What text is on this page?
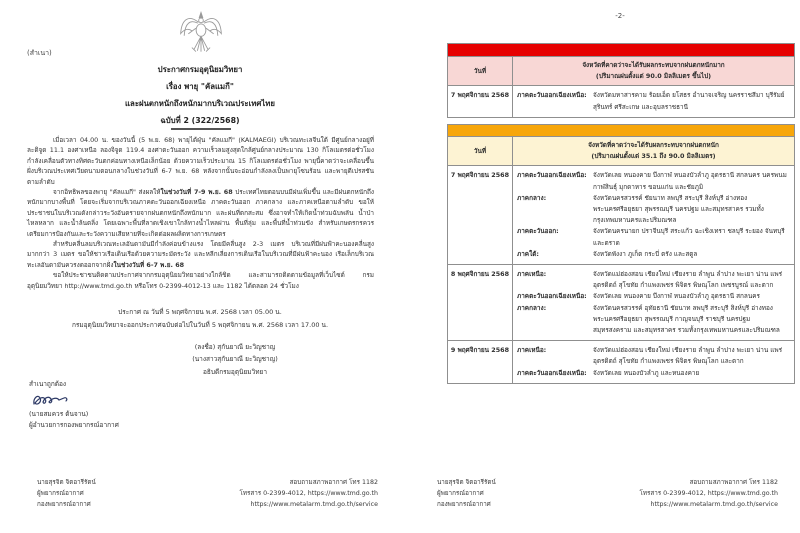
(สำเนา)
ประกาศกรมอุตุนิยมวิทยา
เรื่อง พายุ "คัลแมกี"
และฝนตกหนักถึงหนักมากบริเวณประเทศไทย
ฉบับที่ 2 (322/2568)

เมื่อเวลา 04.00 น. ของวันนี้ (5 พ.ย. 68) พายุไต้ฝุ่น "คัลแมกี" (KALMAEGI) บริเวณทะเลจีนใต้ มีศูนย์กลางอยู่ที่ละติจูด 11.1 องศาเหนือ ลองจิจูด 119.4 องศาตะวันออก ความเร็วลมสูงสุดใกล้ศูนย์กลางประมาณ 130 กิโลเมตรต่อชั่วโมง กำลังเคลื่อนตัวทางทิศตะวันตกค่อนทางเหนือเล็กน้อย ด้วยความเร็วประมาณ 15 กิโลเมตรต่อชั่วโมง พายุนี้คาดว่าจะเคลื่อนขึ้นฝั่งบริเวณประเทศเวียดนามตอนกลางในช่วงวันที่ 6-7 พ.ย. 68 หลังจากนั้นจะอ่อนกำลังลงเป็นพายุโซนร้อน และพายุดีเปรสชันตามลำดับ

จากอิทธิพลของพายุ "คัลแมกี" ส่งผลให้ในช่วงวันที่ 7-9 พ.ย. 68 ประเทศไทยตอนบนมีฝนเพิ่มขึ้น และมีฝนตกหนักถึงหนักมากบางพื้นที่ โดยจะเริ่มจากบริเวณภาคตะวันออกเฉียงเหนือ ภาคตะวันออก ภาคกลาง และภาคเหนือตามลำดับ ขอให้ประชาชนในบริเวณดังกล่าวระวังอันตรายจากฝนตกหนักถึงหนักมาก และฝนที่ตกสะสม ซึ่งอาจทำให้เกิดน้ำท่วมฉับพลัน น้ำป่าไหลหลาก และน้ำล้นตลิ่ง โดยเฉพาะพื้นที่ลาดเชิงเขาใกล้ทางน้ำไหลผ่าน พื้นที่ลุ่ม และพื้นที่น้ำท่วมขัง สำหรับเกษตรกรควรเตรียมการป้องกันและระวังความเสียหายที่จะเกิดต่อผลผลิตทางการเกษตร

สำหรับคลื่นลมบริเวณทะเลอันดามันมีกำลังค่อนข้างแรง โดยมีคลื่นสูง 2-3 เมตร บริเวณที่มีฝนฟ้าคะนองคลื่นสูงมากกว่า 3 เมตร ขอให้ชาวเรือเดินเรือด้วยความระมัดระวัง และหลีกเลี่ยงการเดินเรือในบริเวณที่มีฝนฟ้าคะนอง เรือเล็กบริเวณทะเลอันดามันควรงดออกจากฝั่งในช่วงวันที่ 6-7 พ.ย. 68

ขอให้ประชาชนติดตามประกาศจากกรมอุตุนิยมวิทยาอย่างใกล้ชิด และสามารถติดตามข้อมูลที่เว็บไซต์ กรมอุตุนิยมวิทยา http://www.tmd.go.th หรือโทร 0-2399-4012-13 และ 1182 ได้ตลอด 24 ชั่วโมง

ประกาศ ณ วันที่ 5 พฤศจิกายน พ.ศ. 2568 เวลา 05.00 น.
กรมอุตุนิยมวิทยาจะออกประกาศฉบับต่อไปในวันที่ 5 พฤศจิกายน พ.ศ. 2568 เวลา 17.00 น.
(ลงชื่อ) สุกันยาณี ยะวิญชาญ
(นางสาวสุกันยาณี ยะวิญชาญ)
อธิบดีกรมอุตุนิยมวิทยา
สำเนาถูกต้อง
(นายสมควร ต้นจาน)
ผู้อำนวยการกองพยากรณ์อากาศ
นายสุรจิต จิตอารีรัตน์
ผู้พยากรณ์อากาศ
กองพยากรณ์อากาศ
สอบถามสภาพอากาศ โทร 1182
โทรสาร 0-2399-4012, https://www.tmd.go.th
https://www.metalarm.tmd.go.th/service
-2-
วันที่
จังหวัดที่คาดว่าจะได้รับผลกระทบจากฝนตกหนักมาก
(ปริมาณฝนตั้งแต่ 90.0 มิลลิเมตร ขึ้นไป)
7 พฤศจิกายน 2568	ภาคตะวันออกเฉียงเหนือ: จังหวัดมหาสารคาม ร้อยเอ็ด ยโสธร อำนาจเจริญ นครราชสีมา บุรีรัมย์ สุรินทร์ ศรีสะเกษ และอุบลราชธานี
วันที่
จังหวัดที่คาดว่าจะได้รับผลกระทบจากฝนตกหนัก
(ปริมาณฝนตั้งแต่ 35.1 ถึง 90.0 มิลลิเมตร)
7 พฤศจิกายน 2568	ภาคตะวันออกเฉียงเหนือ: จังหวัดเลย หนองคาย บึงกาฬ หนองบัวลำภู อุดรธานี สกลนคร นครพนม กาฬสินธุ์ มุกดาหาร ขอนแก่น และชัยภูมิ
ภาคกลาง:	จังหวัดนครสวรรค์ ชัยนาท ลพบุรี สระบุรี สิงห์บุรี อ่างทอง พระนครศรีอยุธยา สุพรรณบุรี นครปฐม และสมุทรสาคร รวมทั้งกรุงเทพมหานครและปริมณฑล
ภาคตะวันออก:	จังหวัดนครนายก ปราจีนบุรี สระแก้ว ฉะเชิงเทรา ชลบุรี ระยอง จันทบุรี และตราด
ภาคใต้:	จังหวัดพังงา ภูเก็ต กระบี่ ตรัง และสตูล
8 พฤศจิกายน 2568	ภาคเหนือ:	จังหวัดแม่ฮ่องสอน เชียงใหม่ เชียงราย ลำพูน ลำปาง พะเยา น่าน แพร่ อุตรดิตถ์ สุโขทัย กำแพงเพชร พิจิตร พิษณุโลก เพชรบูรณ์ และตาก
ภาคตะวันออกเฉียงเหนือ: จังหวัดเลย หนองคาย บึงกาฬ หนองบัวลำภู อุดรธานี สกลนคร
ภาคกลาง:	จังหวัดนครสวรรค์ อุทัยธานี ชัยนาท ลพบุรี สระบุรี สิงห์บุรี อ่างทอง พระนครศรีอยุธยา สุพรรณบุรี กาญจนบุรี ราชบุรี นครปฐม สมุทรสงคราม และสมุทรสาคร รวมทั้งกรุงเทพมหานครและปริมณฑล
9 พฤศจิกายน 2568	ภาคเหนือ:	จังหวัดแม่ฮ่องสอน เชียงใหม่ เชียงราย ลำพูน ลำปาง พะเยา น่าน แพร่ อุตรดิตถ์ สุโขทัย กำแพงเพชร พิจิตร พิษณุโลก และตาก
ภาคตะวันออกเฉียงเหนือ: จังหวัดเลย หนองบัวลำภู และหนองคาย
นายสุรจิต จิตอารีรัตน์
ผู้พยากรณ์อากาศ
กองพยากรณ์อากาศ
สอบถามสภาพอากาศ โทร 1182
โทรสาร 0-2399-4012, https://www.tmd.go.th
https://www.metalarm.tmd.go.th/service
